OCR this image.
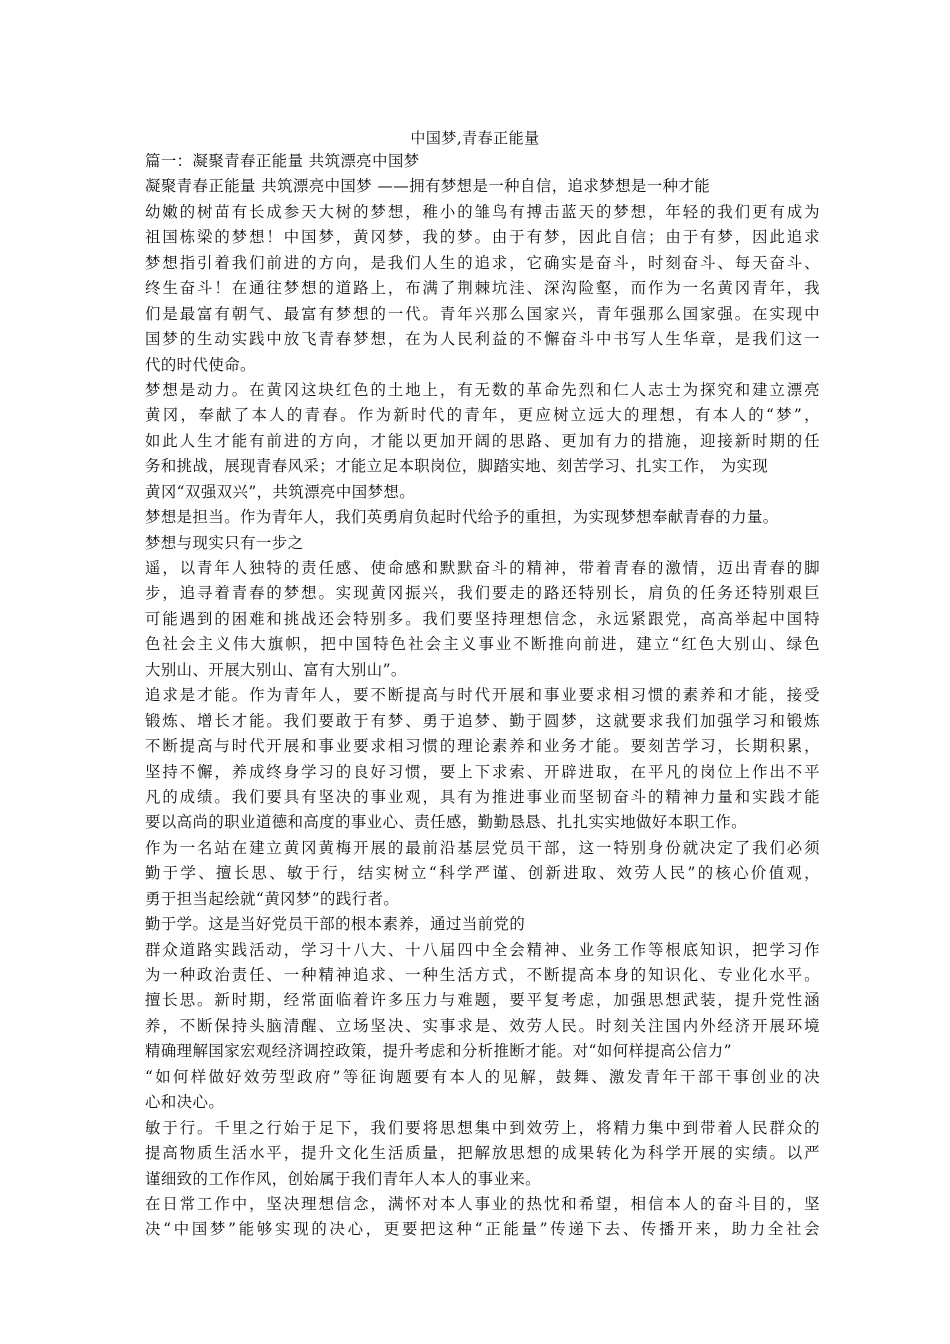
中国梦,青春正能量
篇一：凝聚青春正能量 共筑漂亮中国梦
凝聚青春正能量 共筑漂亮中国梦 ——拥有梦想是一种自信，追求梦想是一种才能
幼嫩的树苗有长成参天大树的梦想，稚小的雏鸟有搏击蓝天的梦想，年轻的我们更有成为
祖国栋梁的梦想！中国梦，黄冈梦，我的梦。由于有梦，因此自信；由于有梦，因此追求
梦想指引着我们前进的方向，是我们人生的追求，它确实是奋斗，时刻奋斗、每天奋斗、
终生奋斗！在通往梦想的道路上，布满了荆棘坑洼、深沟险壑，而作为一名黄冈青年，我
们是最富有朝气、最富有梦想的一代。青年兴那么国家兴，青年强那么国家强。在实现中
国梦的生动实践中放飞青春梦想，在为人民利益的不懈奋斗中书写人生华章，是我们这一
代的时代使命。
梦想是动力。在黄冈这块红色的土地上，有无数的革命先烈和仁人志士为探究和建立漂亮
黄冈，奉献了本人的青春。作为新时代的青年，更应树立远大的理想，有本人的“梦”，
如此人生才能有前进的方向，才能以更加开阔的思路、更加有力的措施，迎接新时期的任
务和挑战，展现青春风采；才能立足本职岗位，脚踏实地、刻苦学习、扎实工作， 为实现
黄冈“双强双兴”，共筑漂亮中国梦想。
梦想是担当。作为青年人，我们英勇肩负起时代给予的重担，为实现梦想奉献青春的力量。
梦想与现实只有一步之
遥，以青年人独特的责任感、使命感和默默奋斗的精神，带着青春的激情，迈出青春的脚
步，追寻着青春的梦想。实现黄冈振兴，我们要走的路还特别长，肩负的任务还特别艰巨
可能遇到的困难和挑战还会特别多。我们要坚持理想信念，永远紧跟党，高高举起中国特
色社会主义伟大旗帜，把中国特色社会主义事业不断推向前进，建立“红色大别山、绿色
大别山、开展大别山、富有大别山”。
追求是才能。作为青年人，要不断提高与时代开展和事业要求相习惯的素养和才能，接受
锻炼、增长才能。我们要敢于有梦、勇于追梦、勤于圆梦，这就要求我们加强学习和锻炼
不断提高与时代开展和事业要求相习惯的理论素养和业务才能。要刻苦学习，长期积累，
坚持不懈，养成终身学习的良好习惯，要上下求索、开辟进取，在平凡的岗位上作出不平
凡的成绩。我们要具有坚决的事业观，具有为推进事业而坚韧奋斗的精神力量和实践才能
要以高尚的职业道德和高度的事业心、责任感，勤勤恳恳、扎扎实实地做好本职工作。
作为一名站在建立黄冈黄梅开展的最前沿基层党员干部，这一特别身份就决定了我们必须
勤于学、擅长思、敏于行，结实树立“科学严谨、创新进取、效劳人民”的核心价值观，
勇于担当起绘就“黄冈梦”的践行者。
勤于学。这是当好党员干部的根本素养，通过当前党的
群众道路实践活动，学习十八大、十八届四中全会精神、业务工作等根底知识，把学习作
为一种政治责任、一种精神追求、一种生活方式，不断提高本身的知识化、专业化水平。
擅长思。新时期，经常面临着许多压力与难题，要平复考虑，加强思想武装，提升党性涵
养，不断保持头脑清醒、立场坚决、实事求是、效劳人民。时刻关注国内外经济开展环境
精确理解国家宏观经济调控政策，提升考虑和分析推断才能。对“如何样提高公信力”
“如何样做好效劳型政府”等征询题要有本人的见解，鼓舞、激发青年干部干事创业的决
心和决心。
敏于行。千里之行始于足下，我们要将思想集中到效劳上，将精力集中到带着人民群众的
提高物质生活水平，提升文化生活质量，把解放思想的成果转化为科学开展的实绩。以严
谨细致的工作作风，创始属于我们青年人本人的事业来。
在日常工作中，坚决理想信念，满怀对本人事业的热忱和希望，相信本人的奋斗目的，坚
决“中国梦”能够实现的决心，更要把这种“正能量”传递下去、传播开来，助力全社会
